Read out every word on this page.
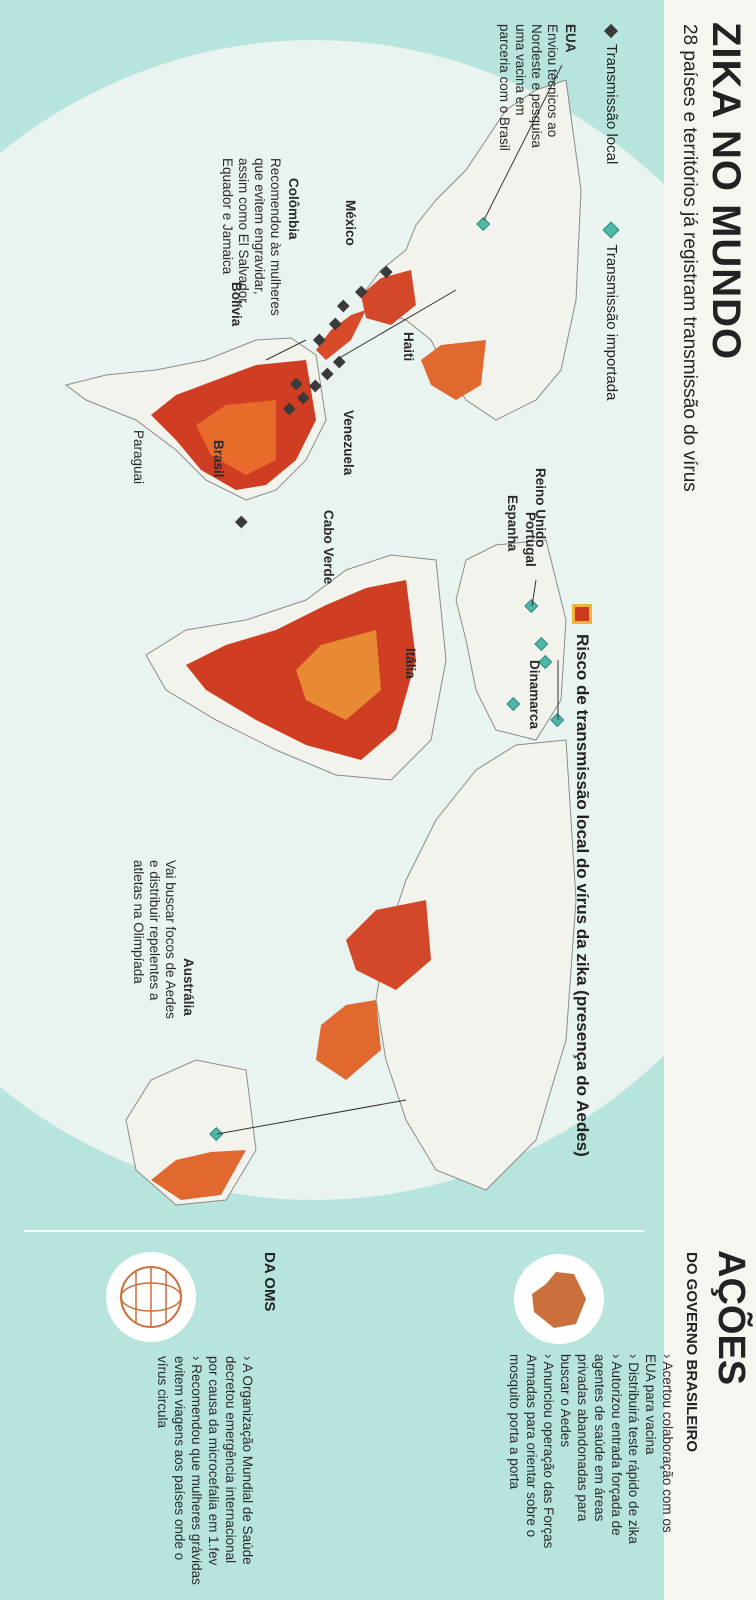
ZIKA NO MUNDO
28 países e territórios já registram transmissão do vírus
Transmissão local
Transmissão importada
Risco de transmissão local do vírus da zika (presença do Aedes)
EUA
Enviou técnicos ao Nordeste e pesquisa uma vacina em parceria com o Brasil
México
Colômbia
Recomendou às mulheres que evitem engravidar, assim como El Salvador, Equador e Jamaica
Bolívia
Haiti
Venezuela
Brasil
Paraguai
Cabo Verde	Reino Unido
Espanha Portugal
Itália	Dinamarca
Austrália
Vai buscar focos de Aedes e distribuir repelentes a atletas na Olimpíada
AÇÕES
DO GOVERNO BRASILEIRO
› Acertou colaboração com os EUA para vacina
› Distribuirá teste rápido de zika
› Autorizou entrada forçada de agentes de saúde em áreas privadas abandonadas para buscar o Aedes
› Anunciou operação das Forças Armadas para orientar sobre o mosquito porta a porta
DA OMS
› A Organização Mundial de Saúde decretou emergência internacional por causa da microcefalia em 1.fev
› Recomendou que mulheres grávidas evitem viagens aos países onde o vírus circula
